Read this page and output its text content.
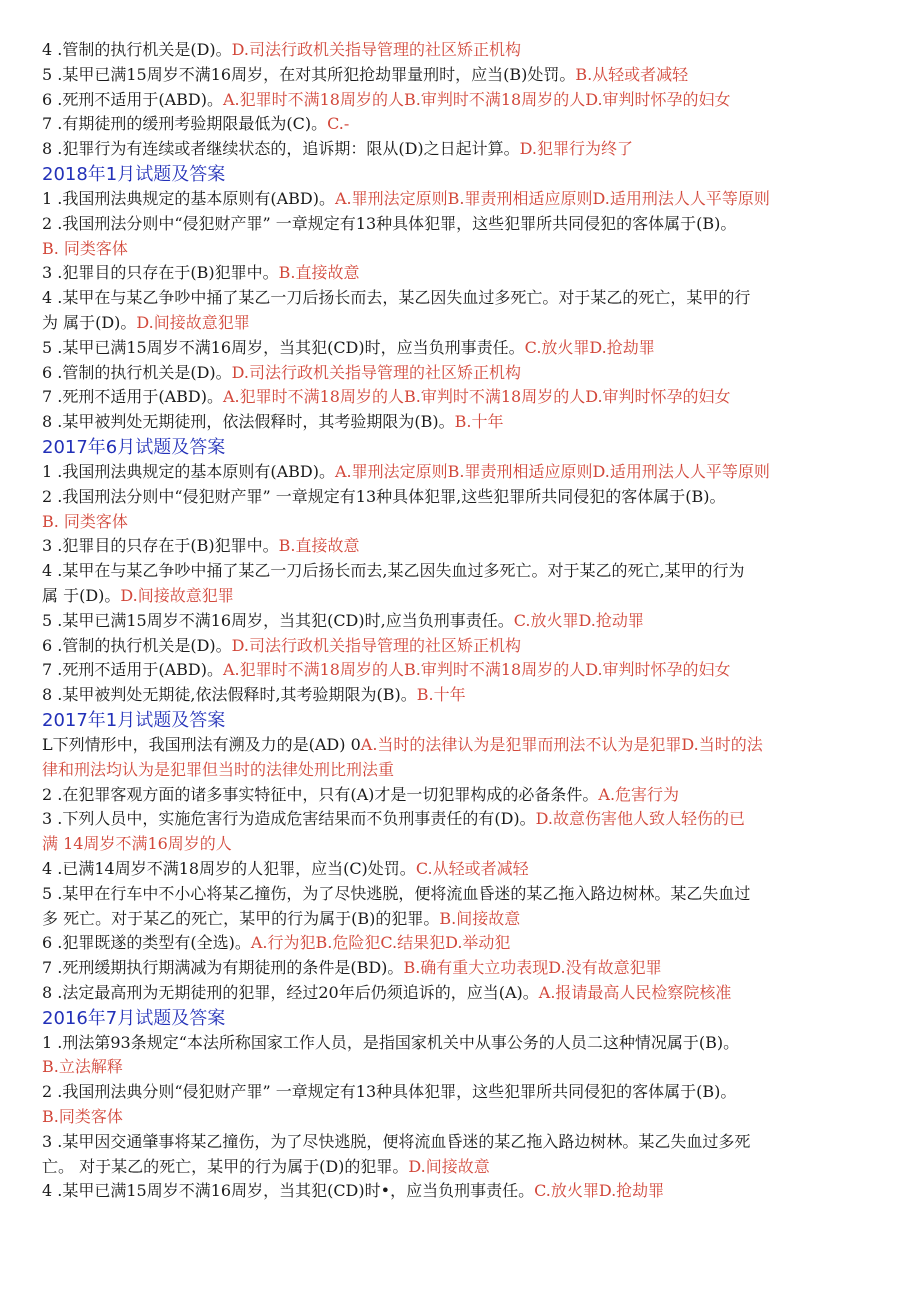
4 .管制的执行机关是(D)。D.司法行政机关指导管理的社区矫正机构
5 .某甲已满15周岁不满16周岁，在对其所犯抢劫罪量刑时，应当(B)处罚。B.从轻或者减轻
6 .死刑不适用于(ABD)。A.犯罪时不满18周岁的人B.审判时不满18周岁的人D.审判时怀孕的妇女
7 .有期徒刑的缓刑考验期限最低为(C)。C.-
8 .犯罪行为有连续或者继续状态的，追诉期：限从(D)之日起计算。D.犯罪行为终了
2018年1月试题及答案
1 .我国刑法典规定的基本原则有(ABD)。A.罪刑法定原则B.罪责刑相适应原则D.适用刑法人人平等原则
2 .我国刑法分则中“侵犯财产罪” 一章规定有13种具体犯罪，这些犯罪所共同侵犯的客体属于(B)。
B. 同类客体
3 .犯罪目的只存在于(B)犯罪中。B.直接故意
4 .某甲在与某乙争吵中捅了某乙一刀后扬长而去，某乙因失血过多死亡。对于某乙的死亡，某甲的行
为 属于(D)。D.间接故意犯罪
5 .某甲已满15周岁不满16周岁，当其犯(CD)时，应当负刑事责任。C.放火罪D.抢劫罪
6 .管制的执行机关是(D)。D.司法行政机关指导管理的社区矫正机构
7 .死刑不适用于(ABD)。A.犯罪时不满18周岁的人B.审判时不满18周岁的人D.审判时怀孕的妇女
8 .某甲被判处无期徒刑，依法假释时，其考验期限为(B)。B.十年
2017年6月试题及答案
1 .我国刑法典规定的基本原则有(ABD)。A.罪刑法定原则B.罪责刑相适应原则D.适用刑法人人平等原则
2 .我国刑法分则中“侵犯财产罪” 一章规定有13种具体犯罪,这些犯罪所共同侵犯的客体属于(B)。
B. 同类客体
3 .犯罪目的只存在于(B)犯罪中。B.直接故意
4 .某甲在与某乙争吵中捅了某乙一刀后扬长而去,某乙因失血过多死亡。对于某乙的死亡,某甲的行为
属 于(D)。D.间接故意犯罪
5 .某甲已满15周岁不满16周岁，当其犯(CD)时,应当负刑事责任。C.放火罪D.抢动罪
6 .管制的执行机关是(D)。D.司法行政机关指导管理的社区矫正机构
7 .死刑不适用于(ABD)。A.犯罪时不满18周岁的人B.审判时不满18周岁的人D.审判时怀孕的妇女
8 .某甲被判处无期徒,依法假释时,其考验期限为(B)。B.十年
2017年1月试题及答案
L下列情形中，我国刑法有溯及力的是(AD) 0A.当时的法律认为是犯罪而刑法不认为是犯罪D.当时的法
律和刑法均认为是犯罪但当时的法律处刑比刑法重
2 .在犯罪客观方面的诸多事实特征中，只有(A)才是一切犯罪构成的必备条件。A.危害行为
3 .下列人员中，实施危害行为造成危害结果而不负刑事责任的有(D)。D.故意伤害他人致人轻伤的已
满 14周岁不满16周岁的人
4 .已满14周岁不满18周岁的人犯罪，应当(C)处罚。C.从轻或者减轻
5 .某甲在行车中不小心将某乙撞伤，为了尽快逃脱，便将流血昏迷的某乙拖入路边树林。某乙失血过
多 死亡。对于某乙的死亡，某甲的行为属于(B)的犯罪。B.间接故意
6 .犯罪既遂的类型有(全选)。A.行为犯B.危险犯C.结果犯D.举动犯
7 .死刑缓期执行期满减为有期徒刑的条件是(BD)。B.确有重大立功表现D.没有故意犯罪
8 .法定最高刑为无期徒刑的犯罪，经过20年后仍须追诉的，应当(A)。A.报请最高人民检察院核准
2016年7月试题及答案
1 .刑法第93条规定“本法所称国家工作人员，是指国家机关中从事公务的人员二这种情况属于(B)。
B.立法解释
2 .我国刑法典分则“侵犯财产罪” 一章规定有13种具体犯罪，这些犯罪所共同侵犯的客体属于(B)。
B.同类客体
3 .某甲因交通肇事将某乙撞伤，为了尽快逃脱，便将流血昏迷的某乙拖入路边树林。某乙失血过多死
亡。 对于某乙的死亡，某甲的行为属于(D)的犯罪。D.间接故意
4 .某甲已满15周岁不满16周岁，当其犯(CD)时•，应当负刑事责任。C.放火罪D.抢劫罪
